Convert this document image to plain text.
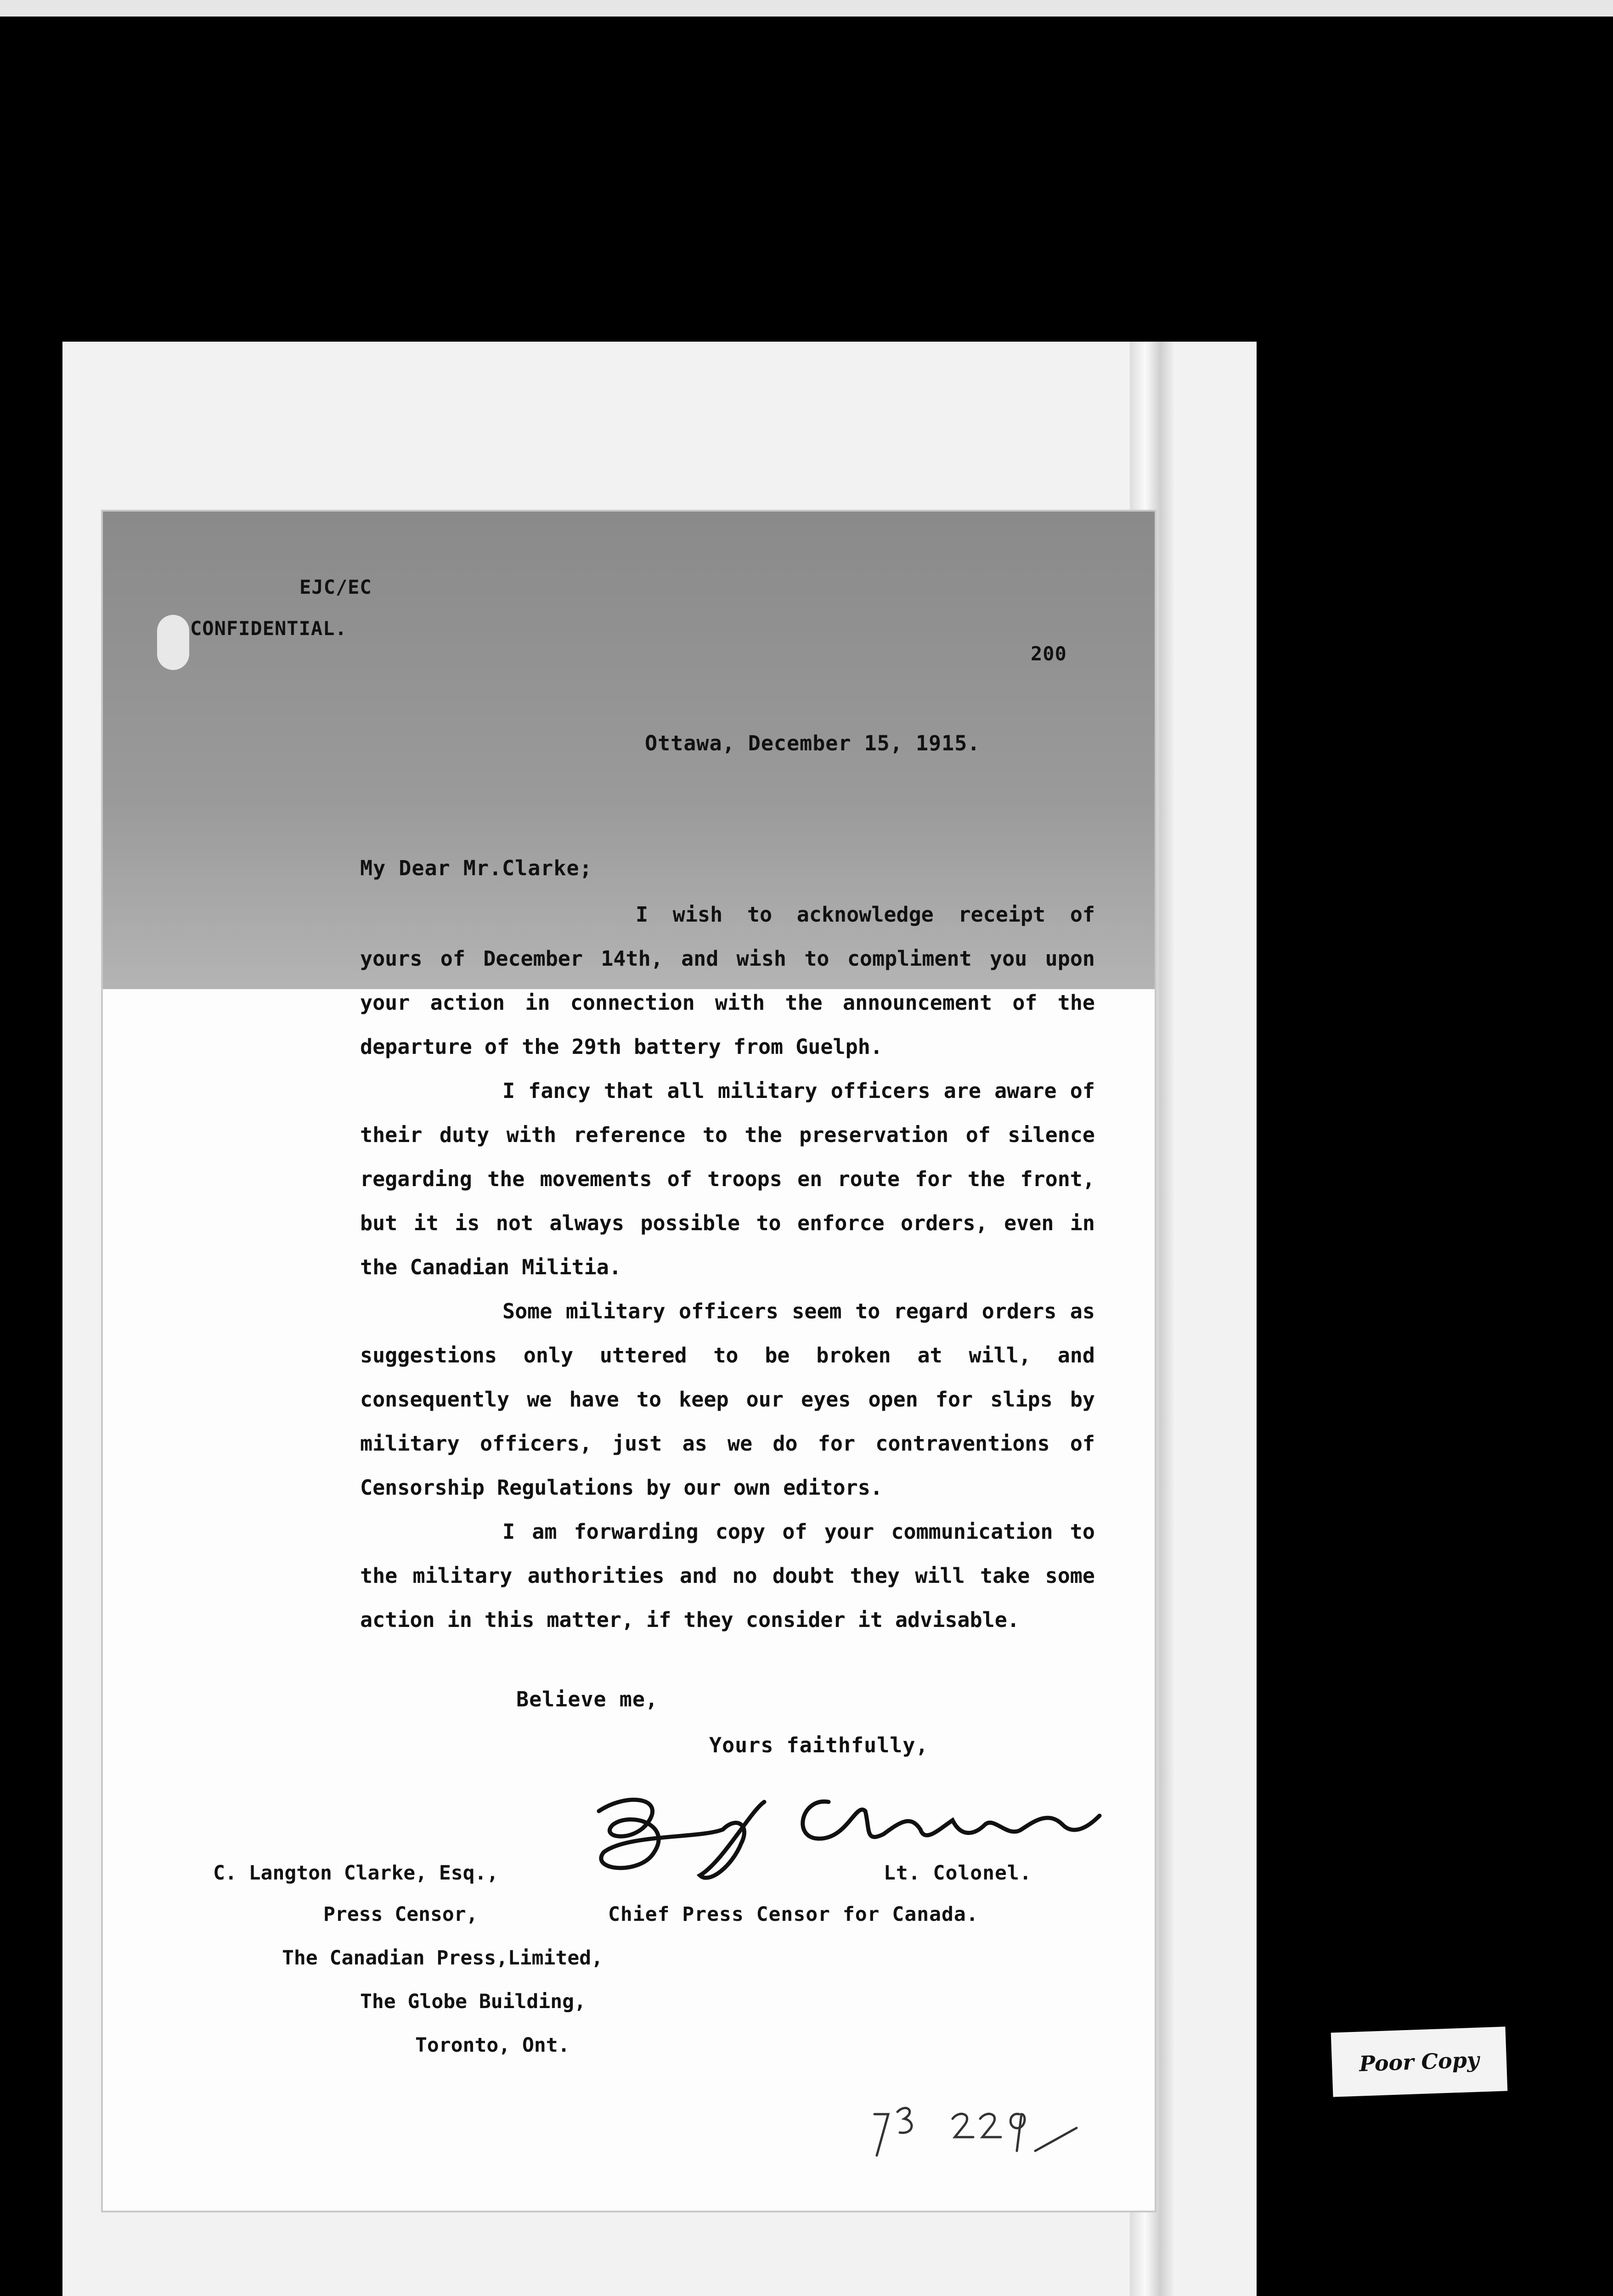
EJC/EC
CONFIDENTIAL.
200
Ottawa, December 15, 1915.
My Dear Mr.Clarke;

I wish to acknowledge receipt of yours of December 14th, and wish to compliment you upon your action in connection with the announcement of the departure of the 29th battery from Guelph.

I fancy that all military officers are aware of their duty with reference to the preservation of silence regarding the movements of troops en route for the front, but it is not always possible to enforce orders, even in the Canadian Militia.

Some military officers seem to regard orders as suggestions only uttered to be broken at will, and consequently we have to keep our eyes open for slips by military officers, just as we do for contraventions of Censorship Regulations by our own editors.

I am forwarding copy of your communication to the military authorities and no doubt they will take some action in this matter, if they consider it advisable.

Believe me,
Yours faithfully,
Lt. Colonel.
Chief Press Censor for Canada.
C. Langton Clarke, Esq.,
Press Censor,
The Canadian Press,Limited,
The Globe Building,
Toronto, Ont.
Poor Copy
